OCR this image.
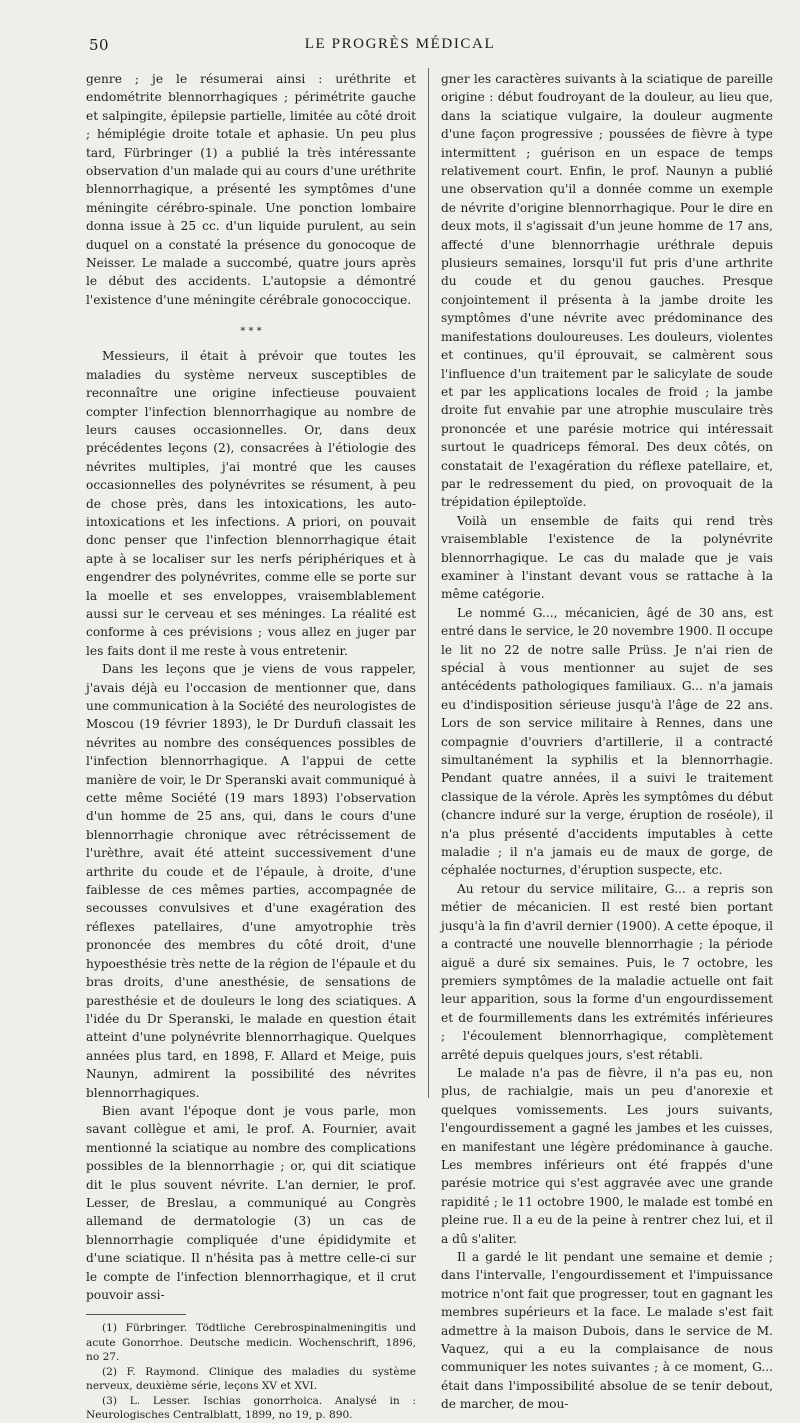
50	LE PROGRÈS MÉDICAL

genre ; je le résumerai ainsi : uréthrite et endométrite blennorrhagiques ; périmétrite gauche et salpingite, épilepsie partielle, limitée au côté droit ; hémiplégie droite totale et aphasie. Un peu plus tard, Fürbringer (1) a publié la très intéressante observation d'un malade qui au cours d'une uréthrite blennorrhagique, a présenté les symptômes d'une méningite cérébro-spinale. Une ponction lombaire donna issue à 25 cc. d'un liquide purulent, au sein duquel on a constaté la présence du gonocoque de Neisser. Le malade a succombé, quatre jours après le début des accidents. L'autopsie a démontré l'existence d'une méningite cérébrale gonococcique.

* * *

Messieurs, il était à prévoir que toutes les maladies du système nerveux susceptibles de reconnaître une origine infectieuse pouvaient compter l'infection blennorrhagique au nombre de leurs causes occasionnelles. Or, dans deux précédentes leçons (2), consacrées à l'étiologie des névrites multiples, j'ai montré que les causes occasionnelles des polynévrites se résument, à peu de chose près, dans les intoxications, les auto-intoxications et les infections. A priori, on pouvait donc penser que l'infection blennorrhagique était apte à se localiser sur les nerfs périphériques et à engendrer des polynévrites, comme elle se porte sur la moelle et ses enveloppes, vraisemblablement aussi sur le cerveau et ses méninges. La réalité est conforme à ces prévisions ; vous allez en juger par les faits dont il me reste à vous entretenir.

Dans les leçons que je viens de vous rappeler, j'avais déjà eu l'occasion de mentionner que, dans une communication à la Société des neurologistes de Moscou (19 février 1893), le Dr Durdufi classait les névrites au nombre des conséquences possibles de l'infection blennorrhagique. A l'appui de cette manière de voir, le Dr Speranski avait communiqué à cette même Société (19 mars 1893) l'observation d'un homme de 25 ans, qui, dans le cours d'une blennorrhagie chronique avec rétrécissement de l'urèthre, avait été atteint successivement d'une arthrite du coude et de l'épaule, à droite, d'une faiblesse de ces mêmes parties, accompagnée de secousses convulsives et d'une exagération des réflexes patellaires, d'une amyotrophie très prononcée des membres du côté droit, d'une hypoesthésie très nette de la région de l'épaule et du bras droits, d'une anesthésie, de sensations de paresthésie et de douleurs le long des sciatiques. A l'idée du Dr Speranski, le malade en question était atteint d'une polynévrite blennorrhagique. Quelques années plus tard, en 1898, F. Allard et Meige, puis Naunyn, admirent la possibilité des névrites blennorrhagiques.

Bien avant l'époque dont je vous parle, mon savant collègue et ami, le prof. A. Fournier, avait mentionné la sciatique au nombre des complications possibles de la blennorrhagie ; or, qui dit sciatique dit le plus souvent névrite. L'an dernier, le prof. Lesser, de Breslau, a communiqué au Congrès allemand de dermatologie (3) un cas de blennorrhagie compliquée d'une épididymite et d'une sciatique. Il n'hésita pas à mettre celle-ci sur le compte de l'infection blennorrhagique, et il crut pouvoir assi-

(1) Fürbringer. Tödtliche Cerebrospinalmeningitis und acute Gonorrhoe. Deutsche medicin. Wochenschrift, 1896, no 27.

(2) F. Raymond. Clinique des maladies du système nerveux, deuxième série, leçons XV et XVI.

(3) L. Lesser. Ischias gonorrhoica. Analysé in : Neurologisches Centralblatt, 1899, no 19, p. 890.

gner les caractères suivants à la sciatique de pareille origine : début foudroyant de la douleur, au lieu que, dans la sciatique vulgaire, la douleur augmente d'une façon progressive ; poussées de fièvre à type intermittent ; guérison en un espace de temps relativement court. Enfin, le prof. Naunyn a publié une observation qu'il a donnée comme un exemple de névrite d'origine blennorrhagique. Pour le dire en deux mots, il s'agissait d'un jeune homme de 17 ans, affecté d'une blennorrhagie uréthrale depuis plusieurs semaines, lorsqu'il fut pris d'une arthrite du coude et du genou gauches. Presque conjointement il présenta à la jambe droite les symptômes d'une névrite avec prédominance des manifestations douloureuses. Les douleurs, violentes et continues, qu'il éprouvait, se calmèrent sous l'influence d'un traitement par le salicylate de soude et par les applications locales de froid ; la jambe droite fut envahie par une atrophie musculaire très prononcée et une parésie motrice qui intéressait surtout le quadriceps fémoral. Des deux côtés, on constatait de l'exagération du réflexe patellaire, et, par le redressement du pied, on provoquait de la trépidation épileptoïde.

Voilà un ensemble de faits qui rend très vraisemblable l'existence de la polynévrite blennorrhagique. Le cas du malade que je vais examiner à l'instant devant vous se rattache à la même catégorie.

Le nommé G..., mécanicien, âgé de 30 ans, est entré dans le service, le 20 novembre 1900. Il occupe le lit no 22 de notre salle Prüss. Je n'ai rien de spécial à vous mentionner au sujet de ses antécédents pathologiques familiaux. G... n'a jamais eu d'indisposition sérieuse jusqu'à l'âge de 22 ans. Lors de son service militaire à Rennes, dans une compagnie d'ouvriers d'artillerie, il a contracté simultanément la syphilis et la blennorrhagie. Pendant quatre années, il a suivi le traitement classique de la vérole. Après les symptômes du début (chancre induré sur la verge, éruption de roséole), il n'a plus présenté d'accidents imputables à cette maladie ; il n'a jamais eu de maux de gorge, de céphalée nocturnes, d'éruption suspecte, etc.

Au retour du service militaire, G... a repris son métier de mécanicien. Il est resté bien portant jusqu'à la fin d'avril dernier (1900). A cette époque, il a contracté une nouvelle blennorrhagie ; la période aiguë a duré six semaines. Puis, le 7 octobre, les premiers symptômes de la maladie actuelle ont fait leur apparition, sous la forme d'un engourdissement et de fourmillements dans les extrémités inférieures ; l'écoulement blennorrhagique, complètement arrêté depuis quelques jours, s'est rétabli.

Le malade n'a pas de fièvre, il n'a pas eu, non plus, de rachialgie, mais un peu d'anorexie et quelques vomissements. Les jours suivants, l'engourdissement a gagné les jambes et les cuisses, en manifestant une légère prédominance à gauche. Les membres inférieurs ont été frappés d'une parésie motrice qui s'est aggravée avec une grande rapidité ; le 11 octobre 1900, le malade est tombé en pleine rue. Il a eu de la peine à rentrer chez lui, et il a dû s'aliter.

Il a gardé le lit pendant une semaine et demie ; dans l'intervalle, l'engourdissement et l'impuissance motrice n'ont fait que progresser, tout en gagnant les membres supérieurs et la face. Le malade s'est fait admettre à la maison Dubois, dans le service de M. Vaquez, qui a eu la complaisance de nous communiquer les notes suivantes ; à ce moment, G... était dans l'impossibilité absolue de se tenir debout, de marcher, de mou-
